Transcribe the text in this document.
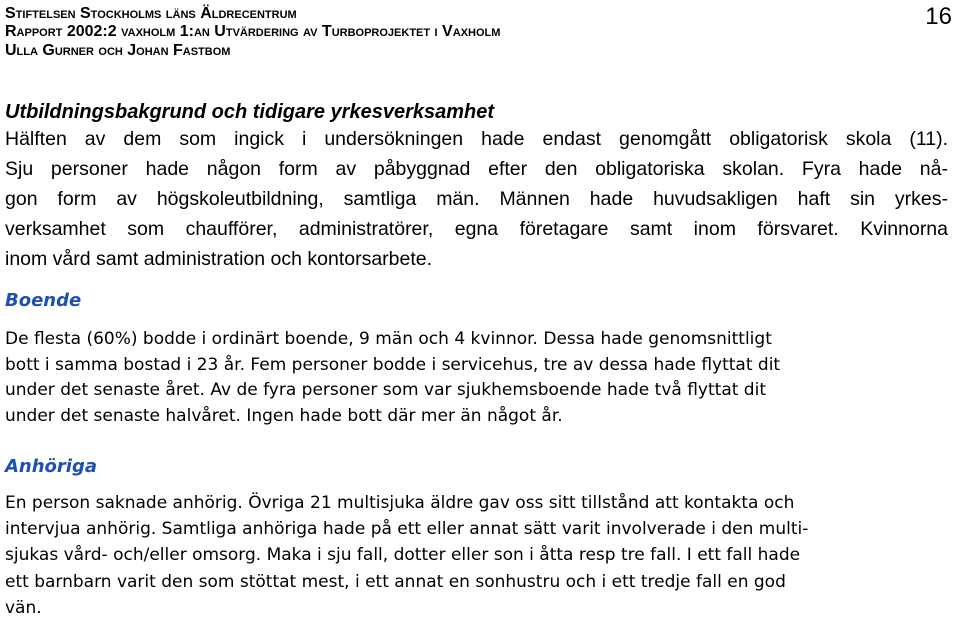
Stiftelsen Stockholms läns Äldrecentrum
Rapport 2002:2 vaxholm 1:an Utvärdering av Turboprojektet i Vaxholm
Ulla Gurner och Johan Fastbom
16
Utbildningsbakgrund och tidigare yrkesverksamhet
Hälften av dem som ingick i undersökningen hade endast genomgått obligatorisk skola (11).
Sju personer hade någon form av påbyggnad efter den obligatoriska skolan. Fyra hade nå-
gon form av högskoleutbildning, samtliga män. Männen hade huvudsakligen haft sin yrkes-
verksamhet som chaufförer, administratörer, egna företagare samt inom försvaret. Kvinnorna
inom vård samt administration och kontorsarbete.
Boende
De flesta (60%) bodde i ordinärt boende, 9 män och 4 kvinnor. Dessa hade genomsnittligt
bott i samma bostad i 23 år. Fem personer bodde i servicehus, tre av dessa hade flyttat dit
under det senaste året. Av de fyra personer som var sjukhemsboende hade två flyttat dit
under det senaste halvåret. Ingen hade bott där mer än något år.
Anhöriga
En person saknade anhörig. Övriga 21 multisjuka äldre gav oss sitt tillstånd att kontakta och
intervjua anhörig. Samtliga anhöriga hade på ett eller annat sätt varit involverade i den multi-
sjukas vård- och/eller omsorg. Maka i sju fall, dotter eller son i åtta resp tre fall. I ett fall hade
ett barnbarn varit den som stöttat mest, i ett annat en sonhustru och i ett tredje fall en god
vän.
